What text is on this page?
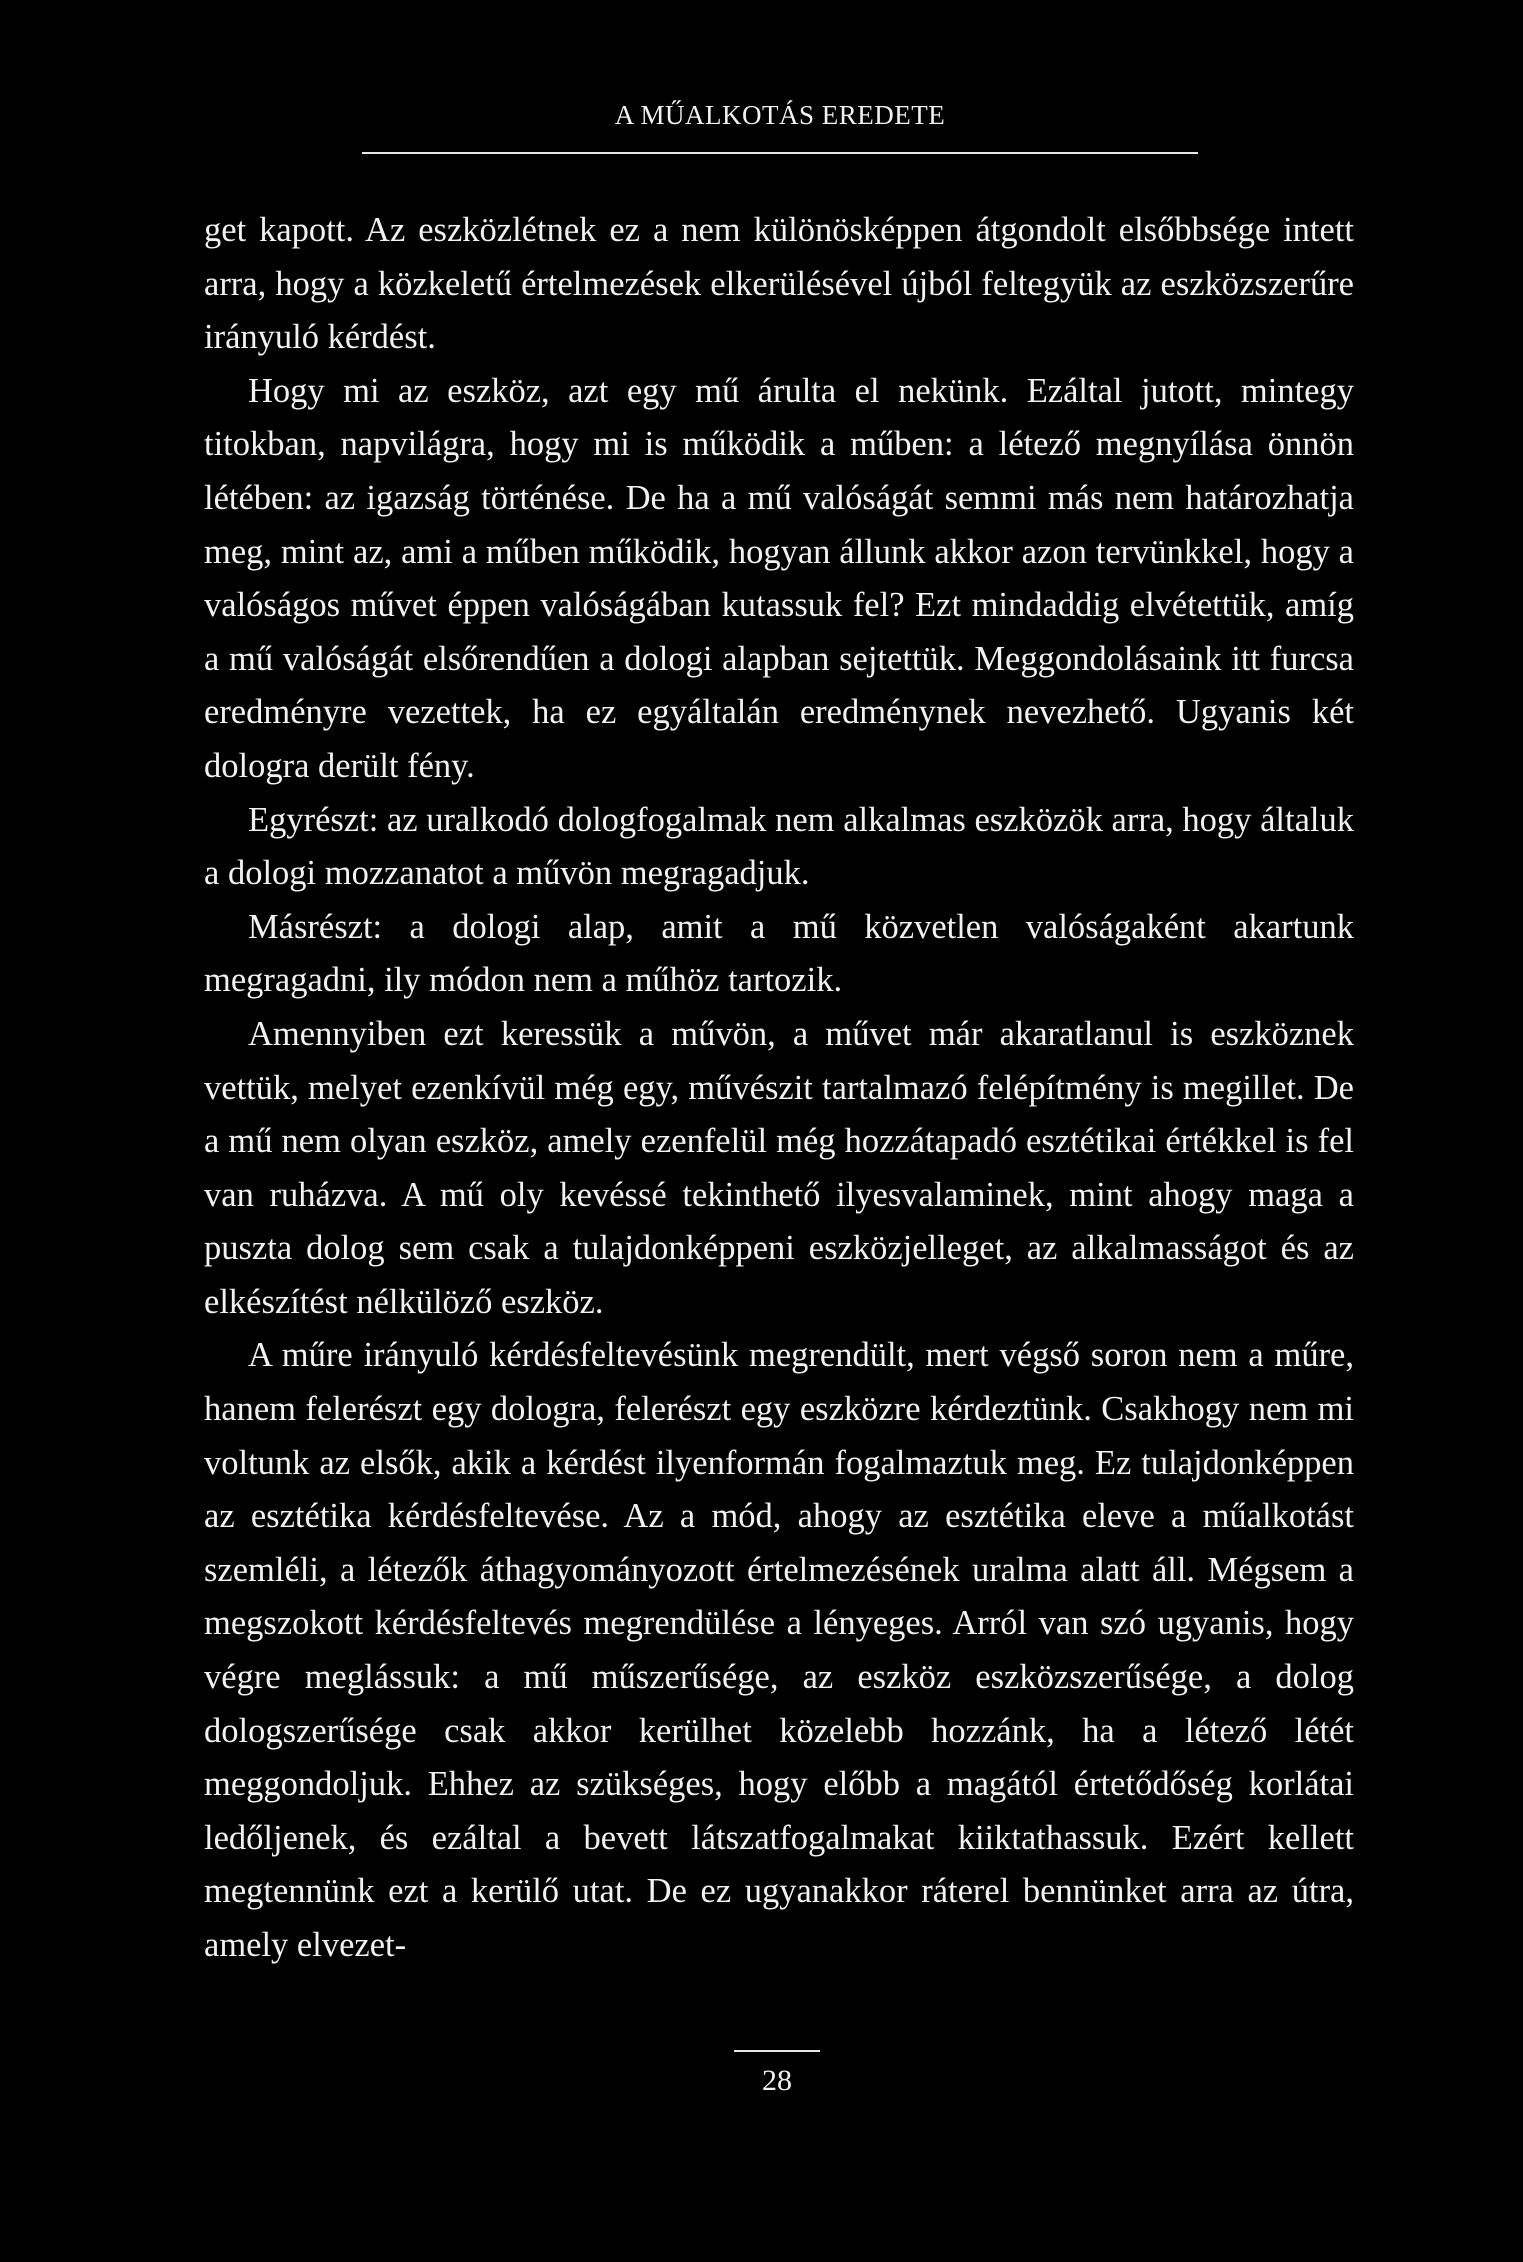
A MŰALKOTÁS EREDETE

get kapott. Az eszközlétnek ez a nem különösképpen átgondolt elsőbbsége intett arra, hogy a közkeletű értelmezések elkerülésével újból feltegyük az eszközszerűre irányuló kérdést.

Hogy mi az eszköz, azt egy mű árulta el nekünk. Ezáltal jutott, mintegy titokban, napvilágra, hogy mi is működik a műben: a létező megnyílása önnön létében: az igazság történése. De ha a mű valóságát semmi más nem határozhatja meg, mint az, ami a műben működik, hogyan állunk akkor azon tervünkkel, hogy a valóságos művet éppen valóságában kutassuk fel? Ezt mindaddig elvétettük, amíg a mű valóságát elsőrendűen a dologi alapban sejtettük. Meggondolásaink itt furcsa eredményre vezettek, ha ez egyáltalán eredménynek nevezhető. Ugyanis két dologra derült fény.

Egyrészt: az uralkodó dologfogalmak nem alkalmas eszközök arra, hogy általuk a dologi mozzanatot a művön megragadjuk.

Másrészt: a dologi alap, amit a mű közvetlen valóságaként akartunk megragadni, ily módon nem a műhöz tartozik.

Amennyiben ezt keressük a művön, a művet már akaratlanul is eszköznek vettük, melyet ezenkívül még egy, művészit tartalmazó felépítmény is megillet. De a mű nem olyan eszköz, amely ezenfelül még hozzátapadó esztétikai értékkel is fel van ruházva. A mű oly kevéssé tekinthető ilyesvalaminek, mint ahogy maga a puszta dolog sem csak a tulajdonképpeni eszközjelleget, az alkalmasságot és az elkészítést nélkülöző eszköz.

A műre irányuló kérdésfeltevésünk megrendült, mert végső soron nem a műre, hanem felerészt egy dologra, felerészt egy eszközre kérdeztünk. Csakhogy nem mi voltunk az elsők, akik a kérdést ilyenformán fogalmaztuk meg. Ez tulajdonképpen az esztétika kérdésfeltevése. Az a mód, ahogy az esztétika eleve a műalkotást szemléli, a létezők áthagyományozott értelmezésének uralma alatt áll. Mégsem a megszokott kérdésfeltevés megrendülése a lényeges. Arról van szó ugyanis, hogy végre meglássuk: a mű műszerűsége, az eszköz eszközszerűsége, a dolog dologszerűsége csak akkor kerülhet közelebb hozzánk, ha a létező létét meggondoljuk. Ehhez az szükséges, hogy előbb a magától értetődőség korlátai ledőljenek, és ezáltal a bevett látszatfogalmakat kiiktathassuk. Ezért kellett megtennünk ezt a kerülő utat. De ez ugyanakkor ráterel bennünket arra az útra, amely elvezet-

28
